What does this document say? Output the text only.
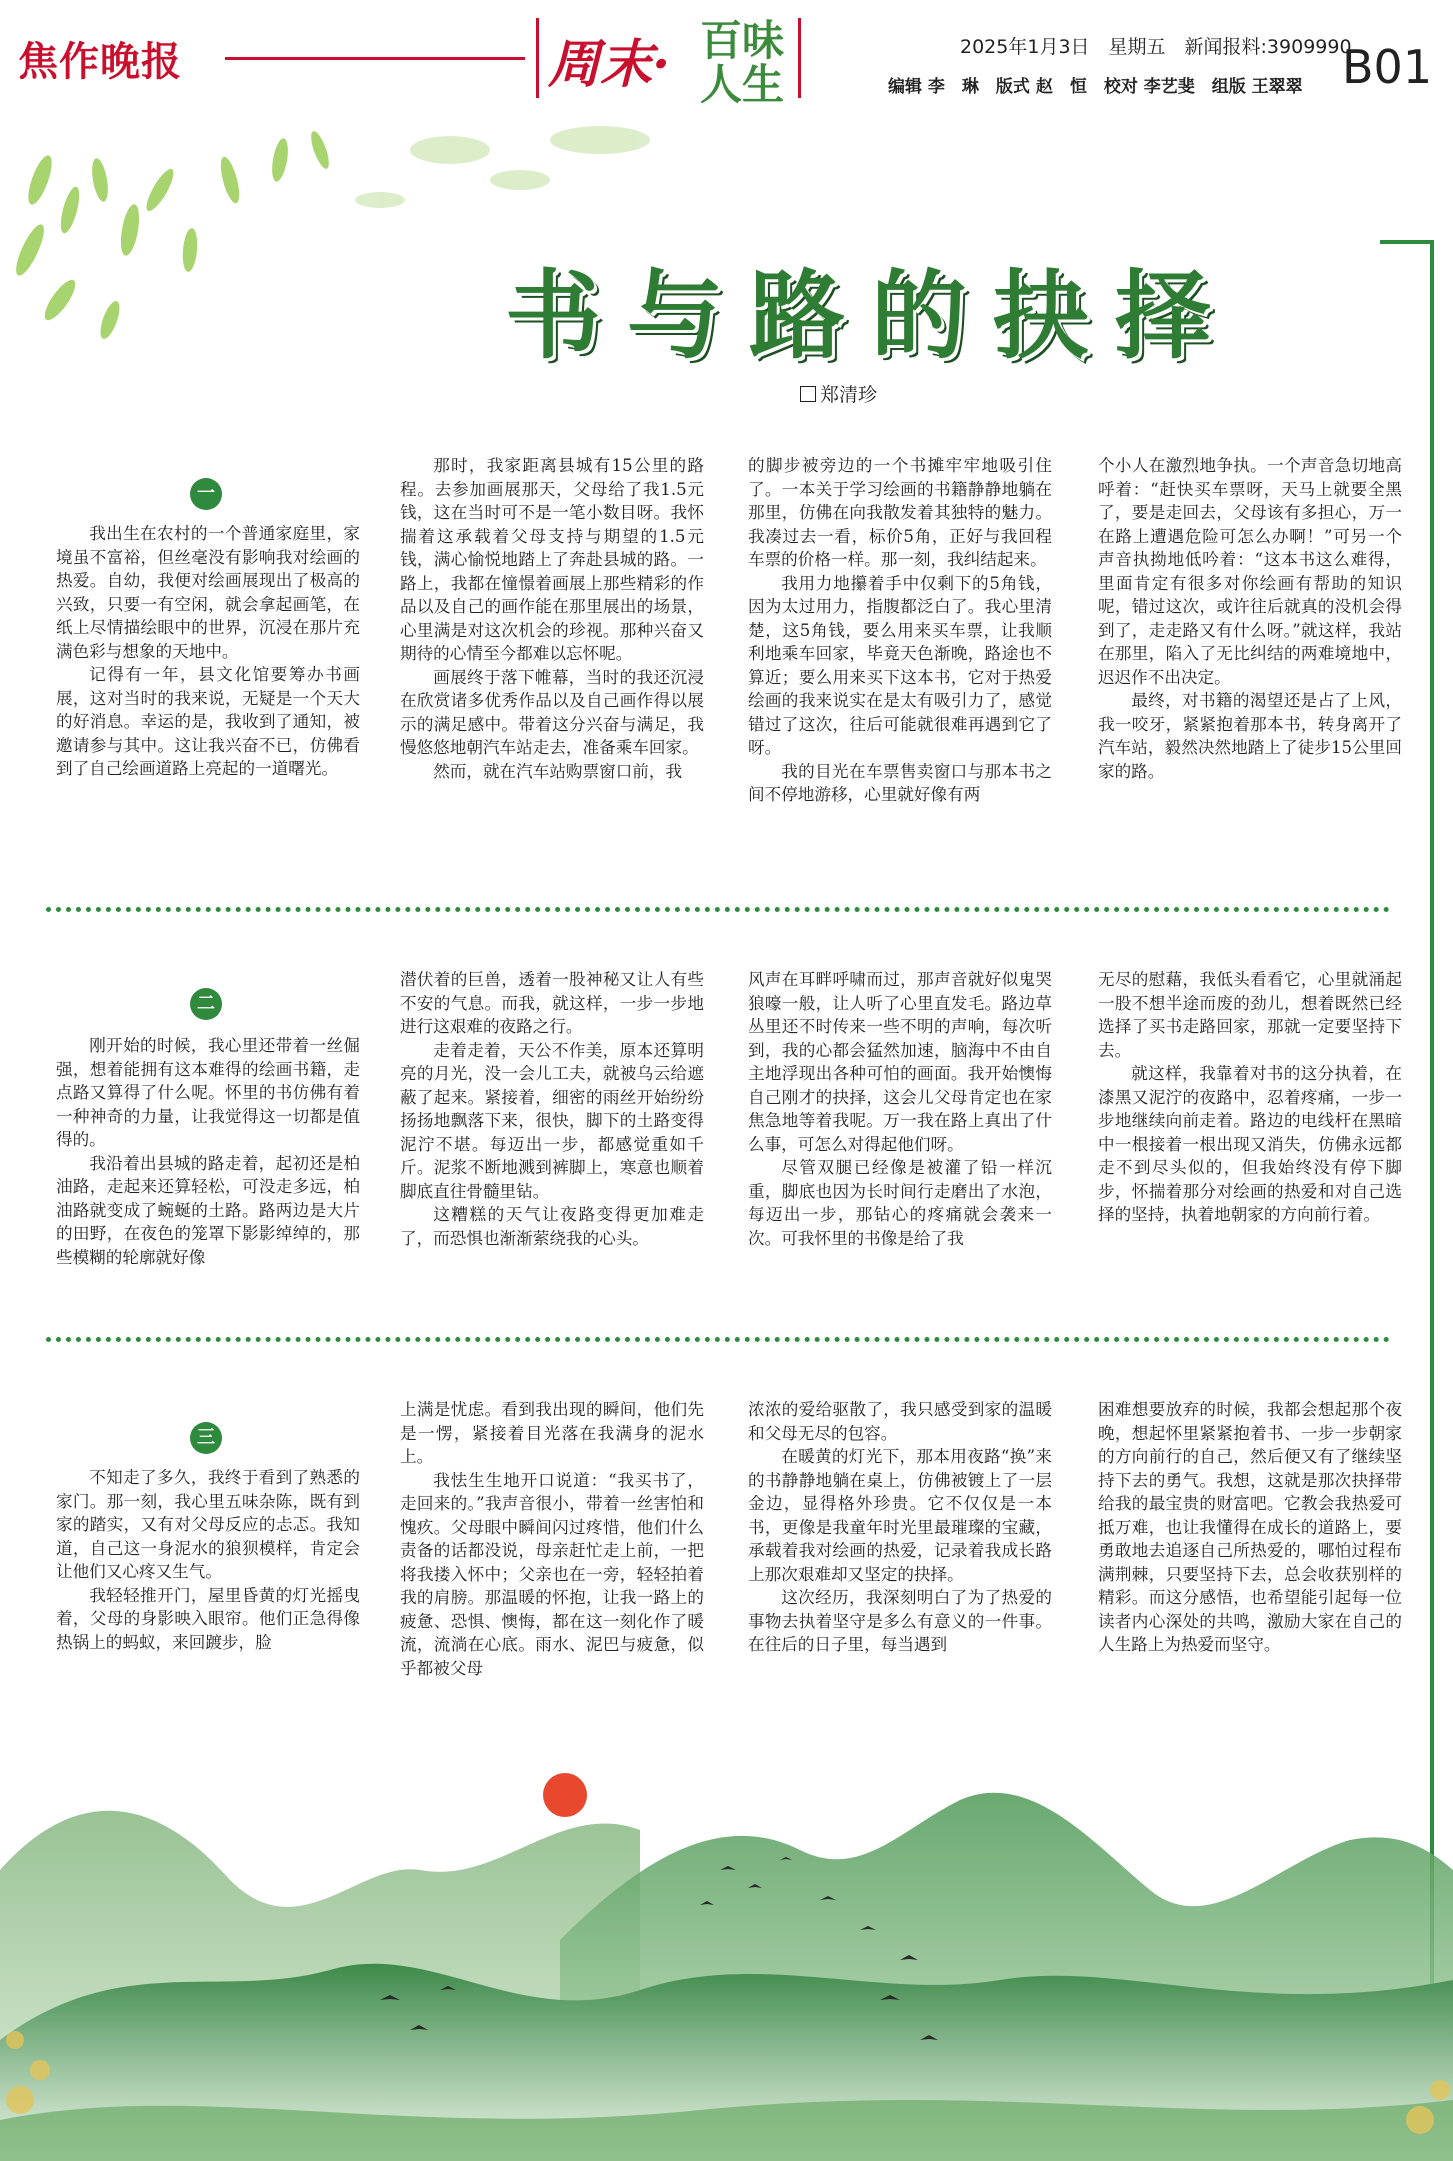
焦作晚报	周末· 百味
人生
2025年1月3日　星期五　新闻报料:3909990
编辑 李　琳　版式 赵　恒　校对 李艺斐　组版 王翠翠 B01
书与路的抉择
郑清珍
一

我出生在农村的一个普通家庭里，家境虽不富裕，但丝毫没有影响我对绘画的热爱。自幼，我便对绘画展现出了极高的兴致，只要一有空闲，就会拿起画笔，在纸上尽情描绘眼中的世界，沉浸在那片充满色彩与想象的天地中。

记得有一年，县文化馆要筹办书画展，这对当时的我来说，无疑是一个天大的好消息。幸运的是，我收到了通知，被邀请参与其中。这让我兴奋不已，仿佛看到了自己绘画道路上亮起的一道曙光。

那时，我家距离县城有15公里的路程。去参加画展那天，父母给了我1.5元钱，这在当时可不是一笔小数目呀。我怀揣着这承载着父母支持与期望的1.5元钱，满心愉悦地踏上了奔赴县城的路。一路上，我都在憧憬着画展上那些精彩的作品以及自己的画作能在那里展出的场景，心里满是对这次机会的珍视。那种兴奋又期待的心情至今都难以忘怀呢。

画展终于落下帷幕，当时的我还沉浸在欣赏诸多优秀作品以及自己画作得以展示的满足感中。带着这分兴奋与满足，我慢悠悠地朝汽车站走去，准备乘车回家。

然而，就在汽车站购票窗口前，我

的脚步被旁边的一个书摊牢牢地吸引住了。一本关于学习绘画的书籍静静地躺在那里，仿佛在向我散发着其独特的魅力。我凑过去一看，标价5角，正好与我回程车票的价格一样。那一刻，我纠结起来。

我用力地攥着手中仅剩下的5角钱，因为太过用力，指腹都泛白了。我心里清楚，这5角钱，要么用来买车票，让我顺利地乘车回家，毕竟天色渐晚，路途也不算近；要么用来买下这本书，它对于热爱绘画的我来说实在是太有吸引力了，感觉错过了这次，往后可能就很难再遇到它了呀。

我的目光在车票售卖窗口与那本书之间不停地游移，心里就好像有两

个小人在激烈地争执。一个声音急切地高呼着：“赶快买车票呀，天马上就要全黑了，要是走回去，父母该有多担心，万一在路上遭遇危险可怎么办啊！”可另一个声音执拗地低吟着：“这本书这么难得，里面肯定有很多对你绘画有帮助的知识呢，错过这次，或许往后就真的没机会得到了，走走路又有什么呀。”就这样，我站在那里，陷入了无比纠结的两难境地中，迟迟作不出决定。

最终，对书籍的渴望还是占了上风，我一咬牙，紧紧抱着那本书，转身离开了汽车站，毅然决然地踏上了徒步15公里回家的路。

二

刚开始的时候，我心里还带着一丝倔强，想着能拥有这本难得的绘画书籍，走点路又算得了什么呢。怀里的书仿佛有着一种神奇的力量，让我觉得这一切都是值得的。

我沿着出县城的路走着，起初还是柏油路，走起来还算轻松，可没走多远，柏油路就变成了蜿蜒的土路。路两边是大片的田野，在夜色的笼罩下影影绰绰的，那些模糊的轮廓就好像

潜伏着的巨兽，透着一股神秘又让人有些不安的气息。而我，就这样，一步一步地进行这艰难的夜路之行。

走着走着，天公不作美，原本还算明亮的月光，没一会儿工夫，就被乌云给遮蔽了起来。紧接着，细密的雨丝开始纷纷扬扬地飘落下来，很快，脚下的土路变得泥泞不堪。每迈出一步，都感觉重如千斤。泥浆不断地溅到裤脚上，寒意也顺着脚底直往骨髓里钻。

这糟糕的天气让夜路变得更加难走了，而恐惧也渐渐萦绕我的心头。

风声在耳畔呼啸而过，那声音就好似鬼哭狼嚎一般，让人听了心里直发毛。路边草丛里还不时传来一些不明的声响，每次听到，我的心都会猛然加速，脑海中不由自主地浮现出各种可怕的画面。我开始懊悔自己刚才的抉择，这会儿父母肯定也在家焦急地等着我呢。万一我在路上真出了什么事，可怎么对得起他们呀。

尽管双腿已经像是被灌了铅一样沉重，脚底也因为长时间行走磨出了水泡，每迈出一步，那钻心的疼痛就会袭来一次。可我怀里的书像是给了我

无尽的慰藉，我低头看看它，心里就涌起一股不想半途而废的劲儿，想着既然已经选择了买书走路回家，那就一定要坚持下去。

就这样，我靠着对书的这分执着，在漆黑又泥泞的夜路中，忍着疼痛，一步一步地继续向前走着。路边的电线杆在黑暗中一根接着一根出现又消失，仿佛永远都走不到尽头似的，但我始终没有停下脚步，怀揣着那分对绘画的热爱和对自己选择的坚持，执着地朝家的方向前行着。

三

不知走了多久，我终于看到了熟悉的家门。那一刻，我心里五味杂陈，既有到家的踏实，又有对父母反应的忐忑。我知道，自己这一身泥水的狼狈模样，肯定会让他们又心疼又生气。

我轻轻推开门，屋里昏黄的灯光摇曳着，父母的身影映入眼帘。他们正急得像热锅上的蚂蚁，来回踱步，脸

上满是忧虑。看到我出现的瞬间，他们先是一愣，紧接着目光落在我满身的泥水上。

我怯生生地开口说道：“我买书了，走回来的。”我声音很小，带着一丝害怕和愧疚。父母眼中瞬间闪过疼惜，他们什么责备的话都没说，母亲赶忙走上前，一把将我搂入怀中；父亲也在一旁，轻轻拍着我的肩膀。那温暖的怀抱，让我一路上的疲惫、恐惧、懊悔，都在这一刻化作了暖流，流淌在心底。雨水、泥巴与疲惫，似乎都被父母

浓浓的爱给驱散了，我只感受到家的温暖和父母无尽的包容。

在暖黄的灯光下，那本用夜路“换”来的书静静地躺在桌上，仿佛被镀上了一层金边，显得格外珍贵。它不仅仅是一本书，更像是我童年时光里最璀璨的宝藏，承载着我对绘画的热爱，记录着我成长路上那次艰难却又坚定的抉择。

这次经历，我深刻明白了为了热爱的事物去执着坚守是多么有意义的一件事。在往后的日子里，每当遇到

困难想要放弃的时候，我都会想起那个夜晚，想起怀里紧紧抱着书、一步一步朝家的方向前行的自己，然后便又有了继续坚持下去的勇气。我想，这就是那次抉择带给我的最宝贵的财富吧。它教会我热爱可抵万难，也让我懂得在成长的道路上，要勇敢地去追逐自己所热爱的，哪怕过程布满荆棘，只要坚持下去，总会收获别样的精彩。而这分感悟，也希望能引起每一位读者内心深处的共鸣，激励大家在自己的人生路上为热爱而坚守。
